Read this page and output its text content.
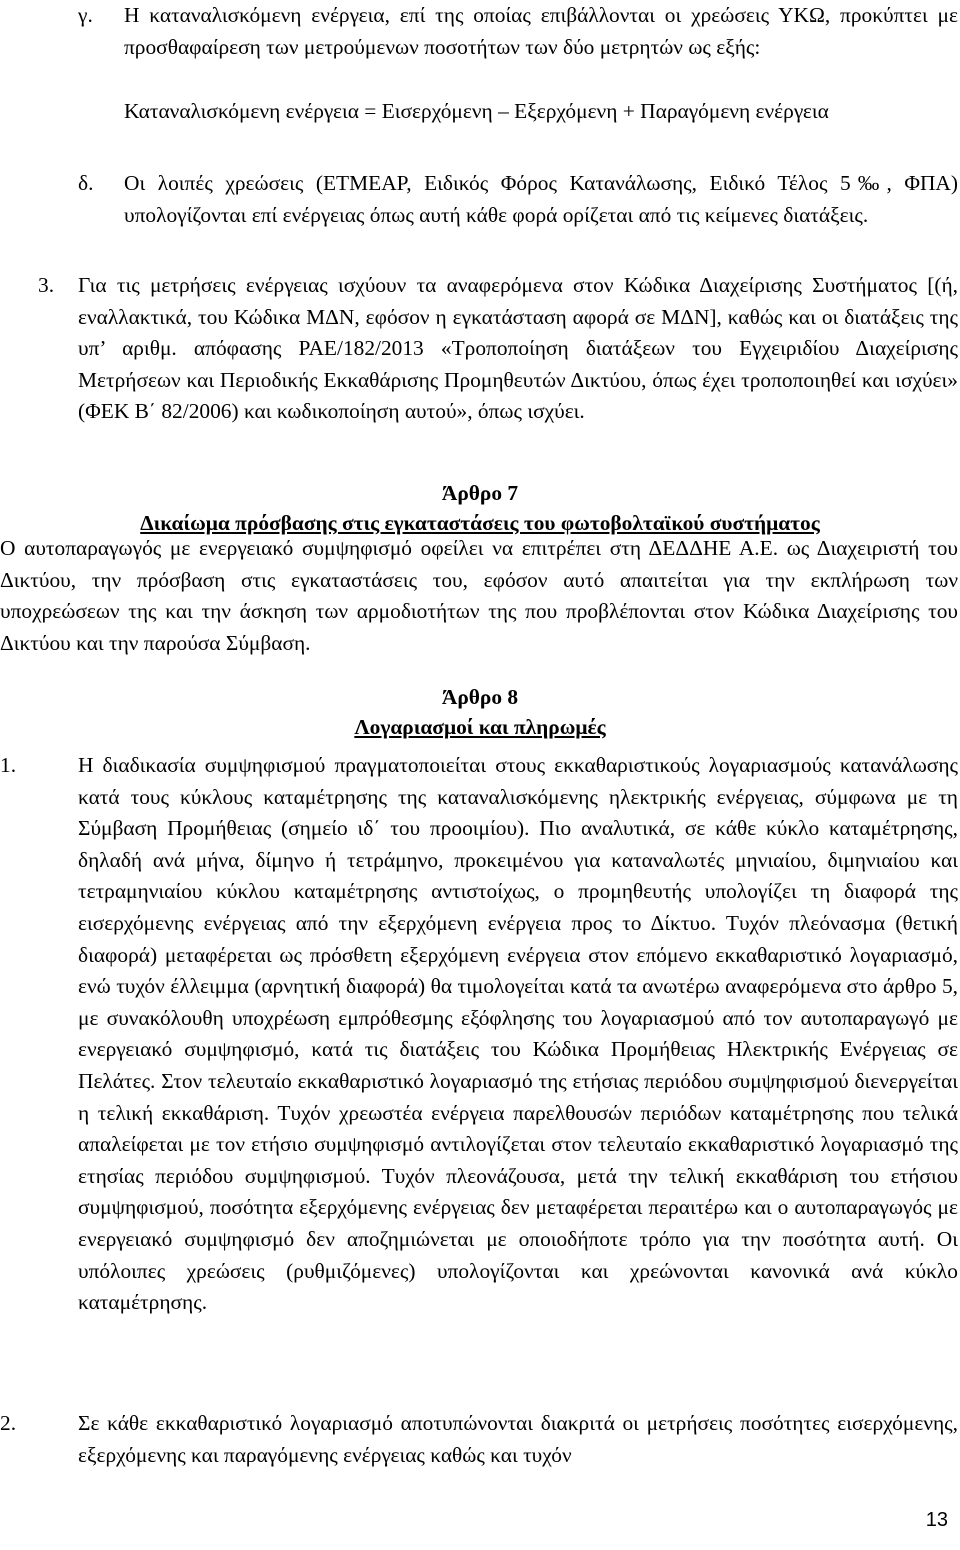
γ. Η καταναλισκόμενη ενέργεια, επί της οποίας επιβάλλονται οι χρεώσεις ΥΚΩ, προκύπτει με προσθαφαίρεση των μετρούμενων ποσοτήτων των δύο μετρητών ως εξής:
Καταναλισκόμενη ενέργεια = Εισερχόμενη – Εξερχόμενη + Παραγόμενη ενέργεια
δ. Οι λοιπές χρεώσεις (ΕΤΜΕΑΡ, Ειδικός Φόρος Κατανάλωσης, Ειδικό Τέλος 5‰, ΦΠΑ) υπολογίζονται επί ενέργειας όπως αυτή κάθε φορά ορίζεται από τις κείμενες διατάξεις.
3. Για τις μετρήσεις ενέργειας ισχύουν τα αναφερόμενα στον Κώδικα Διαχείρισης Συστήματος [(ή, εναλλακτικά, του Κώδικα ΜΔΝ, εφόσον η εγκατάσταση αφορά σε ΜΔΝ], καθώς και οι διατάξεις της υπ’ αριθμ. απόφασης ΡΑΕ/182/2013 «Τροποποίηση διατάξεων του Εγχειριδίου Διαχείρισης Μετρήσεων και Περιοδικής Εκκαθάρισης Προμηθευτών Δικτύου, όπως έχει τροποποιηθεί και ισχύει» (ΦΕΚ Β΄ 82/2006) και κωδικοποίηση αυτού», όπως ισχύει.
Άρθρο 7
Δικαίωμα πρόσβασης στις εγκαταστάσεις του φωτοβολταϊκού συστήματος
Ο αυτοπαραγωγός με ενεργειακό συμψηφισμό οφείλει να επιτρέπει στη ΔΕΔΔΗΕ Α.Ε. ως Διαχειριστή του Δικτύου, την πρόσβαση στις εγκαταστάσεις του, εφόσον αυτό απαιτείται για την εκπλήρωση των υποχρεώσεων της και την άσκηση των αρμοδιοτήτων της που προβλέπονται στον Κώδικα Διαχείρισης του Δικτύου και την παρούσα Σύμβαση.
Άρθρο 8
Λογαριασμοί και πληρωμές
1.	Η διαδικασία συμψηφισμού πραγματοποιείται στους εκκαθαριστικούς λογαριασμούς κατανάλωσης κατά τους κύκλους καταμέτρησης της καταναλισκόμενης ηλεκτρικής ενέργειας, σύμφωνα με τη Σύμβαση Προμήθειας (σημείο ιδ΄ του προοιμίου). Πιο αναλυτικά, σε κάθε κύκλο καταμέτρησης, δηλαδή ανά μήνα, δίμηνο ή τετράμηνο, προκειμένου για καταναλωτές μηνιαίου, διμηνιαίου και τετραμηνιαίου κύκλου καταμέτρησης αντιστοίχως, ο προμηθευτής υπολογίζει τη διαφορά της εισερχόμενης ενέργειας από την εξερχόμενη ενέργεια προς το Δίκτυο. Τυχόν πλεόνασμα (θετική διαφορά) μεταφέρεται ως πρόσθετη εξερχόμενη ενέργεια στον επόμενο εκκαθαριστικό λογαριασμό, ενώ τυχόν έλλειμμα (αρνητική διαφορά) θα τιμολογείται κατά τα ανωτέρω αναφερόμενα στο άρθρο 5, με συνακόλουθη υποχρέωση εμπρόθεσμης εξόφλησης του λογαριασμού από τον αυτοπαραγωγό με ενεργειακό συμψηφισμό, κατά τις διατάξεις του Κώδικα Προμήθειας Ηλεκτρικής Ενέργειας σε Πελάτες. Στον τελευταίο εκκαθαριστικό λογαριασμό της ετήσιας περιόδου συμψηφισμού διενεργείται η τελική εκκαθάριση. Τυχόν χρεωστέα ενέργεια παρελθουσών περιόδων καταμέτρησης που τελικά απαλείφεται με τον ετήσιο συμψηφισμό αντιλογίζεται στον τελευταίο εκκαθαριστικό λογαριασμό της ετησίας περιόδου συμψηφισμού. Τυχόν πλεονάζουσα, μετά την τελική εκκαθάριση του ετήσιου συμψηφισμού, ποσότητα εξερχόμενης ενέργειας δεν μεταφέρεται περαιτέρω και ο αυτοπαραγωγός με ενεργειακό συμψηφισμό δεν αποζημιώνεται με οποιοδήποτε τρόπο για την ποσότητα αυτή. Οι υπόλοιπες χρεώσεις (ρυθμιζόμενες) υπολογίζονται και χρεώνονται κανονικά ανά κύκλο καταμέτρησης.
2.	Σε κάθε εκκαθαριστικό λογαριασμό αποτυπώνονται διακριτά οι μετρήσεις ποσότητες εισερχόμενης, εξερχόμενης και παραγόμενης ενέργειας καθώς και τυχόν
13
